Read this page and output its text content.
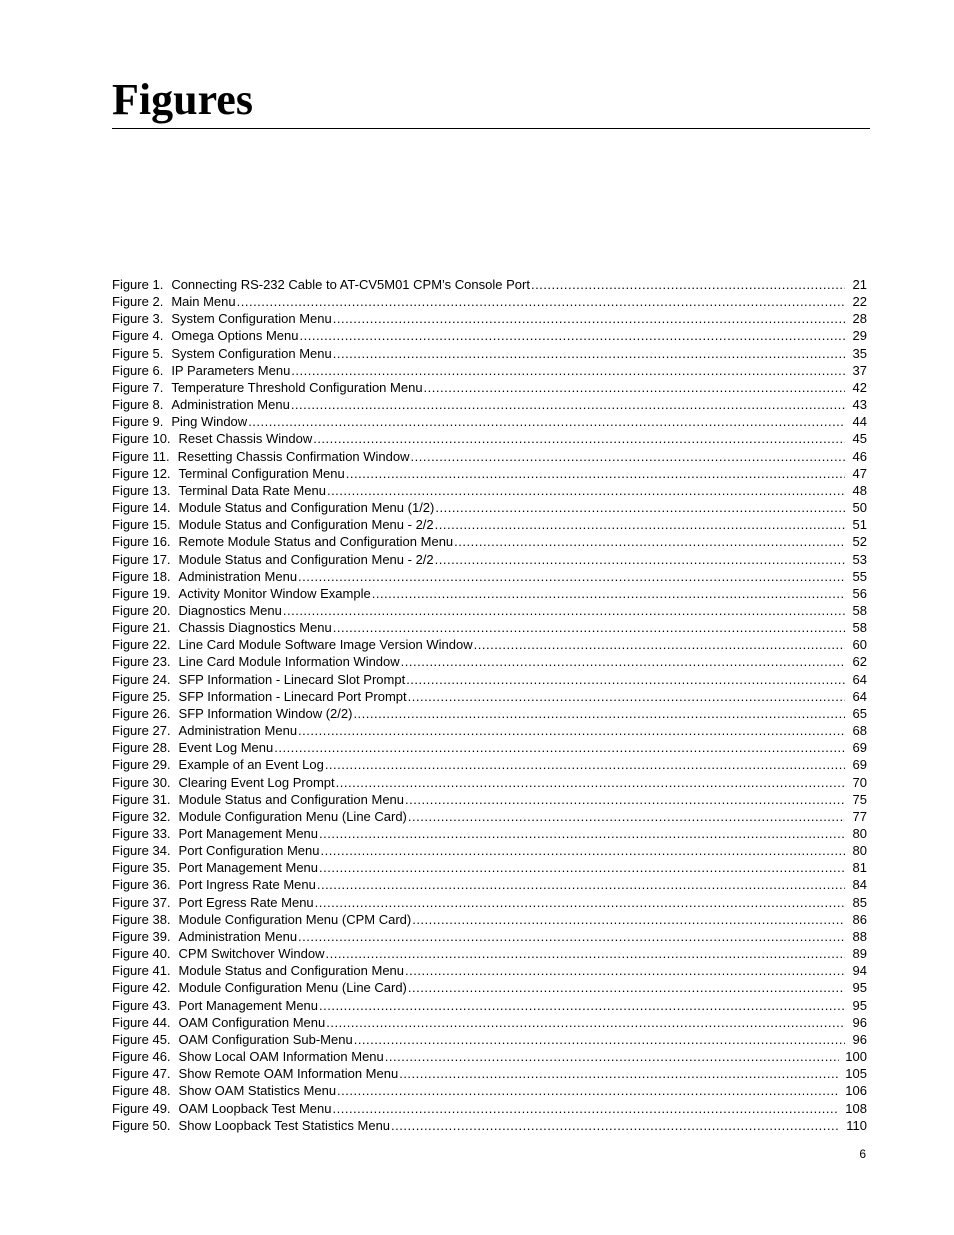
Figures
Figure 1. Connecting RS-232 Cable to AT-CV5M01 CPM’s Console Port .....	21
Figure 2. Main Menu .....	22
Figure 3. System Configuration Menu .....	28
Figure 4. Omega Options Menu .....	29
Figure 5. System Configuration Menu .....	35
Figure 6. IP Parameters Menu .....	37
Figure 7. Temperature Threshold Configuration Menu .....	42
Figure 8. Administration Menu .....	43
Figure 9. Ping Window .....	44
Figure 10. Reset Chassis Window .....	45
Figure 11. Resetting Chassis Confirmation Window .....	46
Figure 12. Terminal Configuration Menu .....	47
Figure 13. Terminal Data Rate Menu .....	48
Figure 14. Module Status and Configuration Menu (1/2) .....	50
Figure 15. Module Status and Configuration Menu - 2/2 .....	51
Figure 16. Remote Module Status and Configuration Menu .....	52
Figure 17. Module Status and Configuration Menu - 2/2 .....	53
Figure 18. Administration Menu .....	55
Figure 19. Activity Monitor Window Example .....	56
Figure 20. Diagnostics Menu .....	58
Figure 21. Chassis Diagnostics Menu .....	58
Figure 22. Line Card Module Software Image Version Window .....	60
Figure 23. Line Card Module Information Window .....	62
Figure 24. SFP Information - Linecard Slot Prompt .....	64
Figure 25. SFP Information - Linecard Port Prompt .....	64
Figure 26. SFP Information Window (2/2) .....	65
Figure 27. Administration Menu .....	68
Figure 28. Event Log Menu .....	69
Figure 29. Example of an Event Log .....	69
Figure 30. Clearing Event Log Prompt .....	70
Figure 31. Module Status and Configuration Menu .....	75
Figure 32. Module Configuration Menu (Line Card) .....	77
Figure 33. Port Management Menu .....	80
Figure 34. Port Configuration Menu .....	80
Figure 35. Port Management Menu .....	81
Figure 36. Port Ingress Rate Menu .....	84
Figure 37. Port Egress Rate Menu .....	85
Figure 38. Module Configuration Menu (CPM Card) .....	86
Figure 39. Administration Menu .....	88
Figure 40. CPM Switchover Window .....	89
Figure 41. Module Status and Configuration Menu .....	94
Figure 42. Module Configuration Menu (Line Card) .....	95
Figure 43. Port Management Menu .....	95
Figure 44. OAM Configuration Menu .....	96
Figure 45. OAM Configuration Sub-Menu .....	96
Figure 46. Show Local OAM Information Menu .....	100
Figure 47. Show Remote OAM Information Menu .....	105
Figure 48. Show OAM Statistics Menu .....	106
Figure 49. OAM Loopback Test Menu .....	108
Figure 50. Show Loopback Test Statistics Menu .....	110
6
